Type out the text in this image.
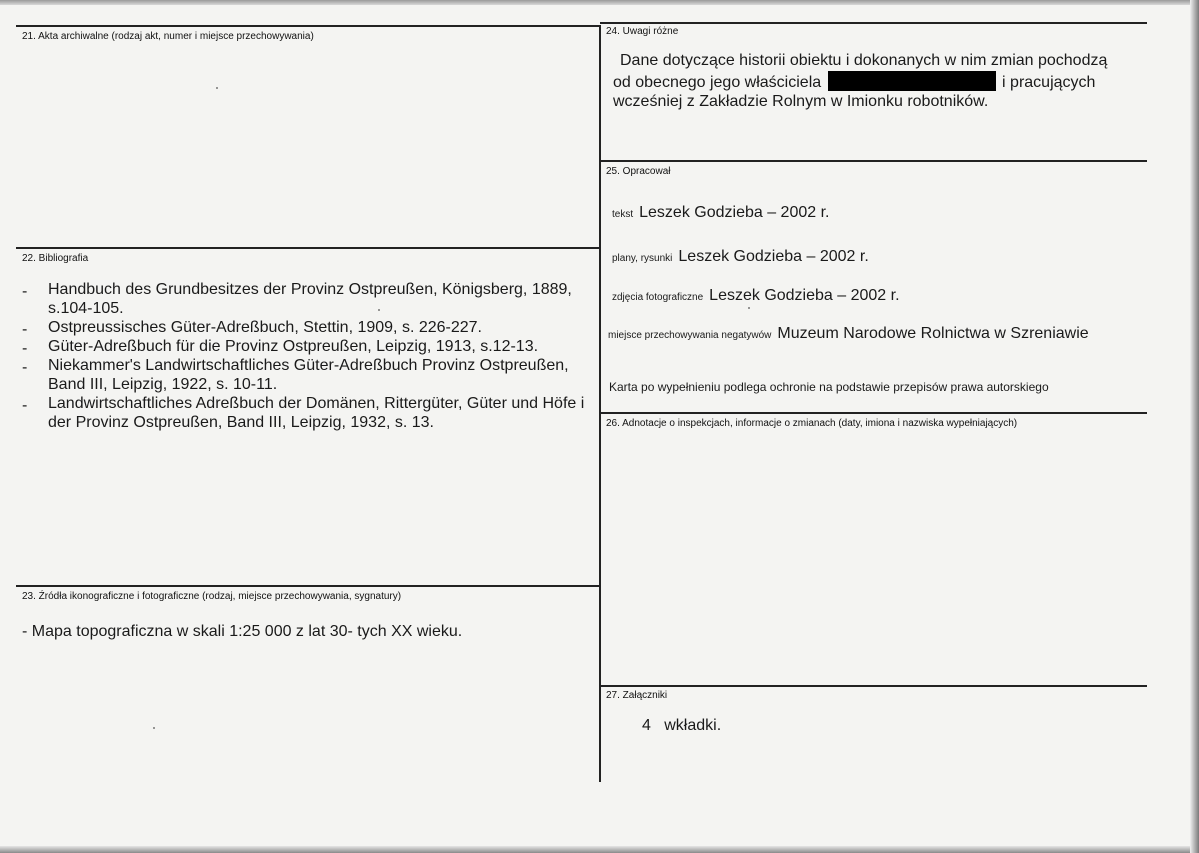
21. Akta archiwalne (rodzaj akt, numer i miejsce przechowywania)
22. Bibliografia
- Handbuch des Grundbesitzes der Provinz Ostpreußen, Königsberg, 1889, s.104-105.
- Ostpreussisches Güter-Adreßbuch, Stettin, 1909, s. 226-227.
- Güter-Adreßbuch für die Provinz Ostpreußen, Leipzig, 1913, s.12-13.
- Niekammer's Landwirtschaftliches Güter-Adreßbuch Provinz Ostpreußen, Band III, Leipzig, 1922, s. 10-11.
- Landwirtschaftliches Adreßbuch der Domänen, Rittergüter, Güter und Höfe i der Provinz Ostpreußen, Band III, Leipzig, 1932, s. 13.
23. Źródła ikonograficzne i fotograficzne (rodzaj, miejsce przechowywania, sygnatury)
- Mapa topograficzna w skali 1:25 000 z lat 30- tych XX wieku.
24. Uwagi różne
Dane dotyczące historii obiektu i dokonanych w nim zmian pochodzą
od obecnego jego właściciela	i pracujących
wcześniej z Zakładzie Rolnym w Imionku robotników.
25. Opracował
tekst Leszek Godzieba – 2002 r.
plany, rysunki Leszek Godzieba – 2002 r.
zdjęcia fotograficzne Leszek Godzieba – 2002 r.
miejsce przechowywania negatywów Muzeum Narodowe Rolnictwa w Szreniawie
Karta po wypełnieniu podlega ochronie na podstawie przepisów prawa autorskiego
26. Adnotacje o inspekcjach, informacje o zmianach (daty, imiona i nazwiska wypełniających)
27. Załączniki
4   wkładki.
